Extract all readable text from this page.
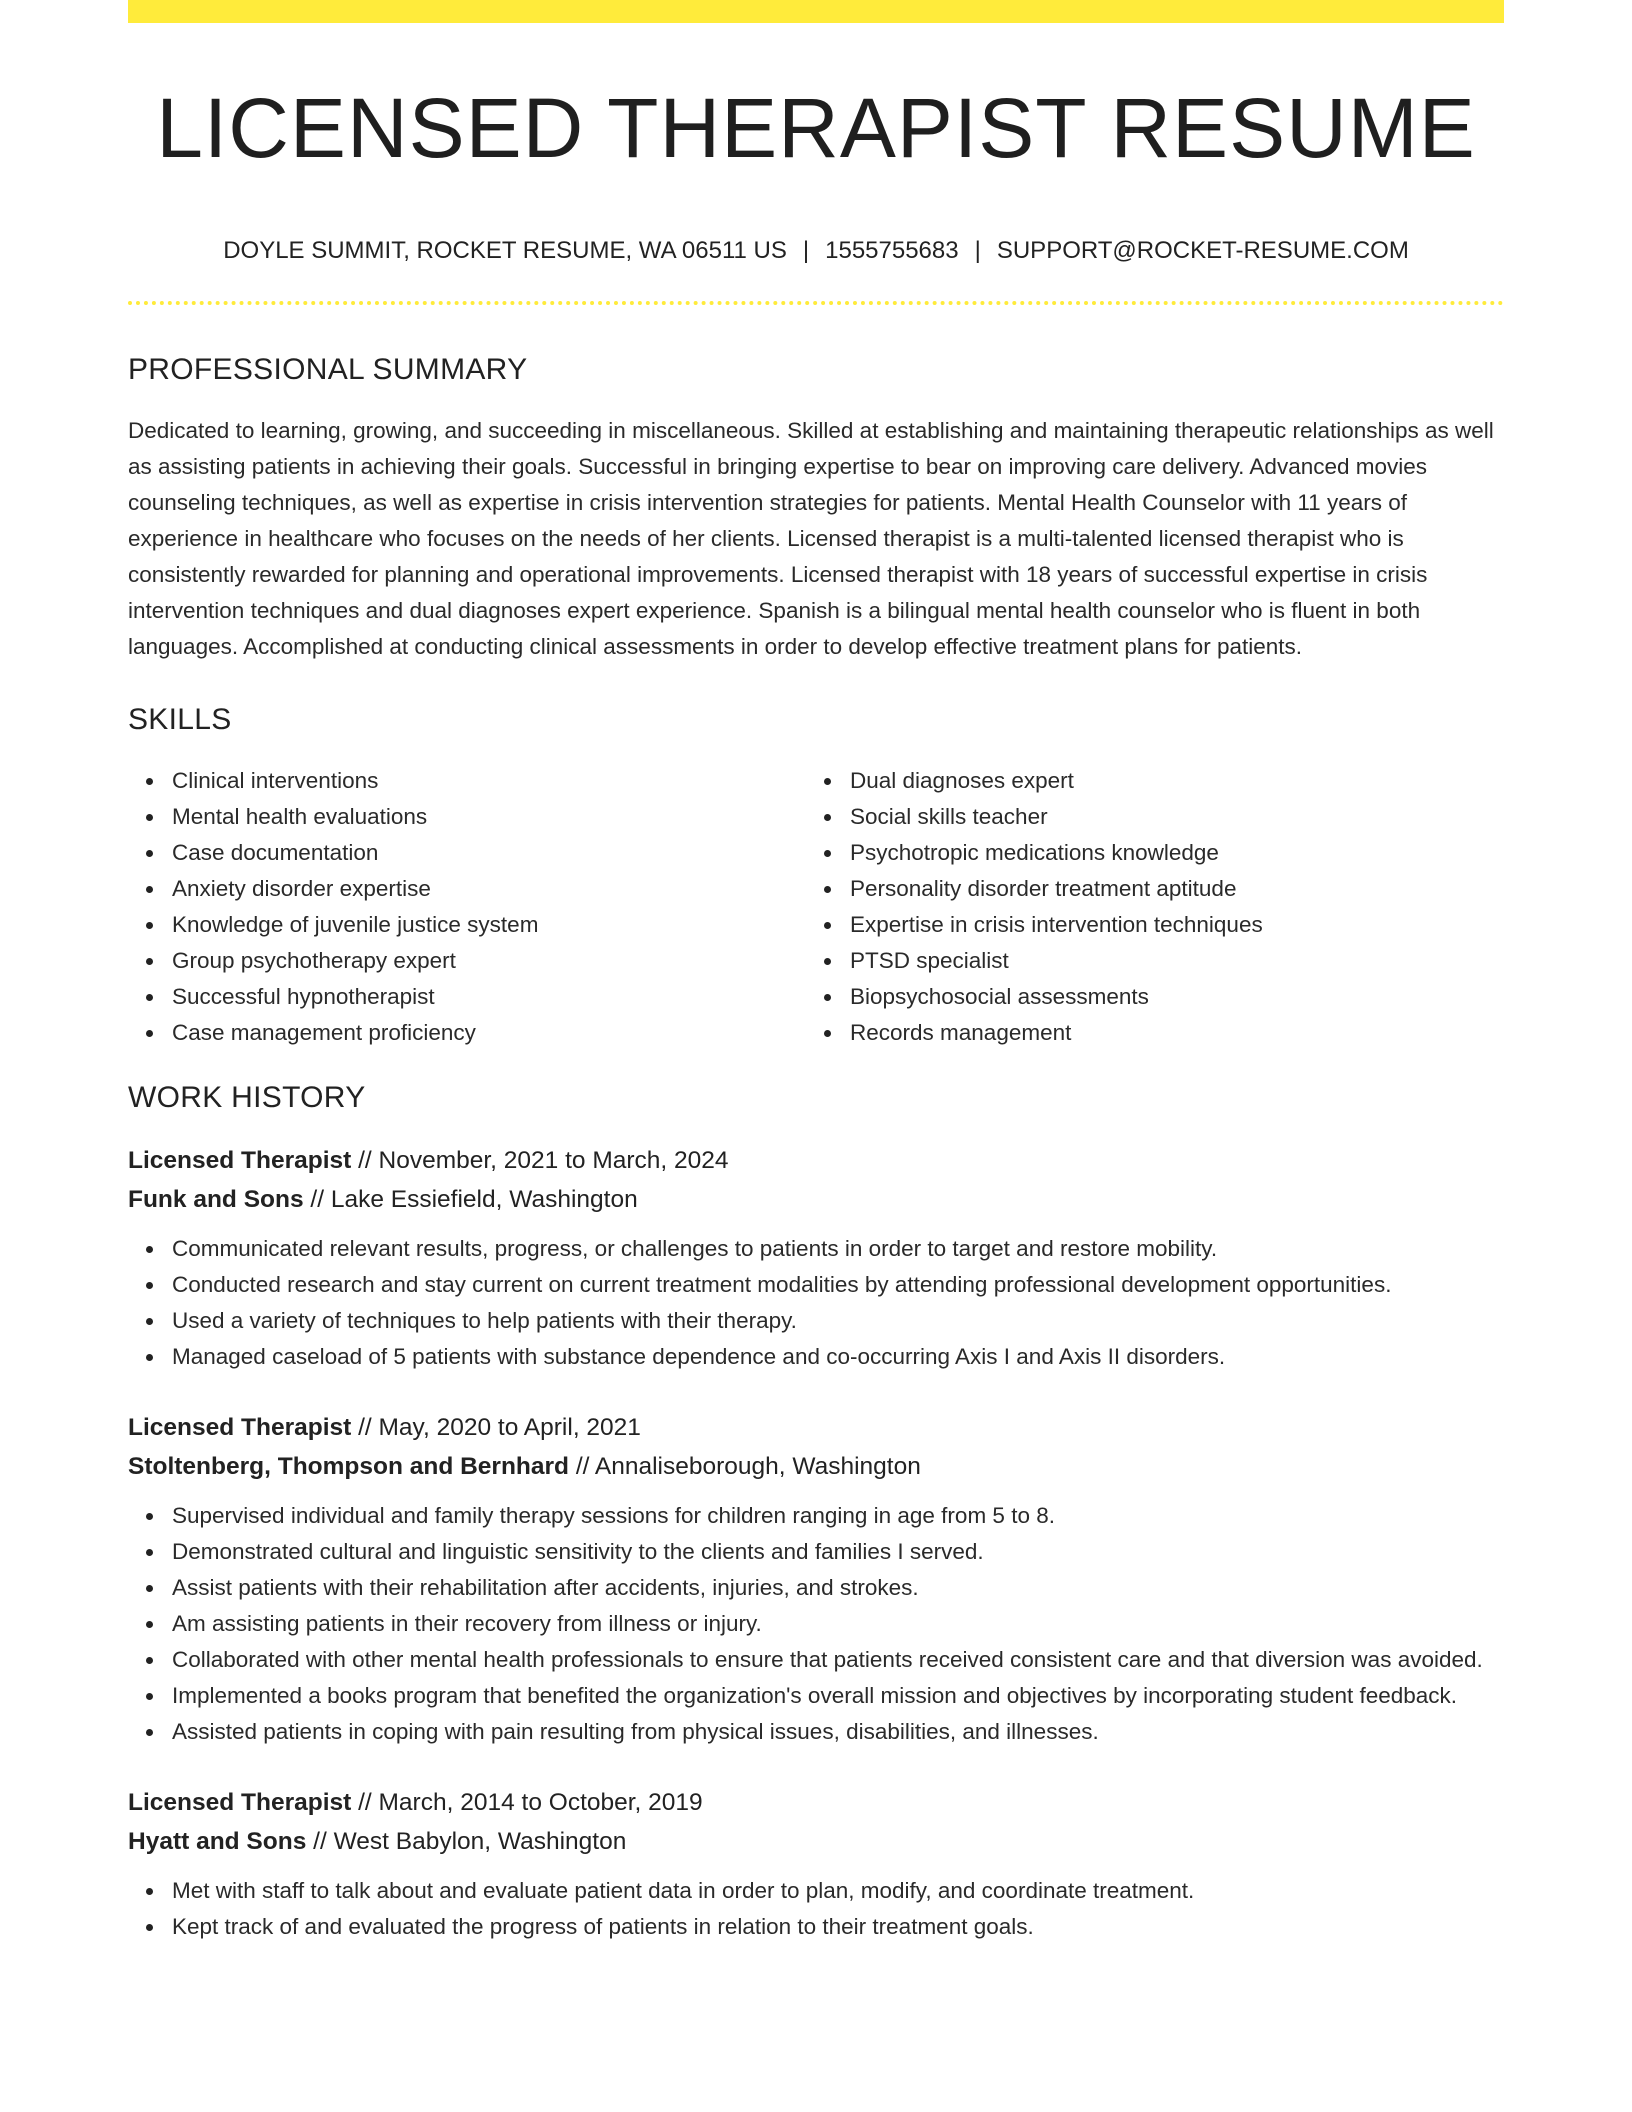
LICENSED THERAPIST RESUME
DOYLE SUMMIT, ROCKET RESUME, WA 06511 US | 1555755683 | SUPPORT@ROCKET-RESUME.COM
PROFESSIONAL SUMMARY
Dedicated to learning, growing, and succeeding in miscellaneous. Skilled at establishing and maintaining therapeutic relationships as well as assisting patients in achieving their goals. Successful in bringing expertise to bear on improving care delivery. Advanced movies counseling techniques, as well as expertise in crisis intervention strategies for patients. Mental Health Counselor with 11 years of experience in healthcare who focuses on the needs of her clients. Licensed therapist is a multi-talented licensed therapist who is consistently rewarded for planning and operational improvements. Licensed therapist with 18 years of successful expertise in crisis intervention techniques and dual diagnoses expert experience. Spanish is a bilingual mental health counselor who is fluent in both languages. Accomplished at conducting clinical assessments in order to develop effective treatment plans for patients.
SKILLS
Clinical interventions
Mental health evaluations
Case documentation
Anxiety disorder expertise
Knowledge of juvenile justice system
Group psychotherapy expert
Successful hypnotherapist
Case management proficiency
Dual diagnoses expert
Social skills teacher
Psychotropic medications knowledge
Personality disorder treatment aptitude
Expertise in crisis intervention techniques
PTSD specialist
Biopsychosocial assessments
Records management
WORK HISTORY
Licensed Therapist // November, 2021 to March, 2024
Funk and Sons // Lake Essiefield, Washington
Communicated relevant results, progress, or challenges to patients in order to target and restore mobility.
Conducted research and stay current on current treatment modalities by attending professional development opportunities.
Used a variety of techniques to help patients with their therapy.
Managed caseload of 5 patients with substance dependence and co-occurring Axis I and Axis II disorders.
Licensed Therapist // May, 2020 to April, 2021
Stoltenberg, Thompson and Bernhard // Annaliseborough, Washington
Supervised individual and family therapy sessions for children ranging in age from 5 to 8.
Demonstrated cultural and linguistic sensitivity to the clients and families I served.
Assist patients with their rehabilitation after accidents, injuries, and strokes.
Am assisting patients in their recovery from illness or injury.
Collaborated with other mental health professionals to ensure that patients received consistent care and that diversion was avoided.
Implemented a books program that benefited the organization's overall mission and objectives by incorporating student feedback.
Assisted patients in coping with pain resulting from physical issues, disabilities, and illnesses.
Licensed Therapist // March, 2014 to October, 2019
Hyatt and Sons // West Babylon, Washington
Met with staff to talk about and evaluate patient data in order to plan, modify, and coordinate treatment.
Kept track of and evaluated the progress of patients in relation to their treatment goals.
